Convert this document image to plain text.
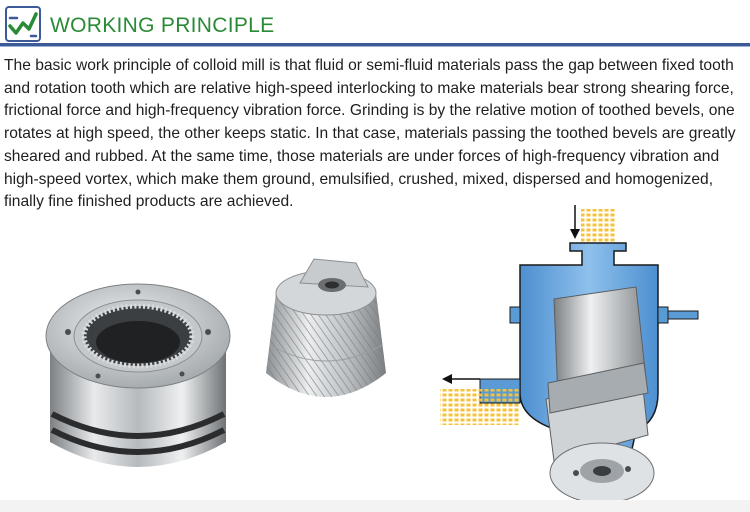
WORKING PRINCIPLE

The basic work principle of colloid mill is that fluid or semi-fluid materials pass the gap between fixed tooth and rotation tooth which are relative high-speed interlocking to make materials bear strong shearing force, frictional force and high-frequency vibration force. Grinding is by the relative motion of toothed bevels, one rotates at high speed, the other keeps static. In that case, materials passing the toothed bevels are greatly sheared and rubbed. At the same time, those materials are under forces of high-frequency vibration and high-speed vortex, which make them ground, emulsified, crushed, mixed, dispersed and homogenized, finally fine finished products are achieved.
